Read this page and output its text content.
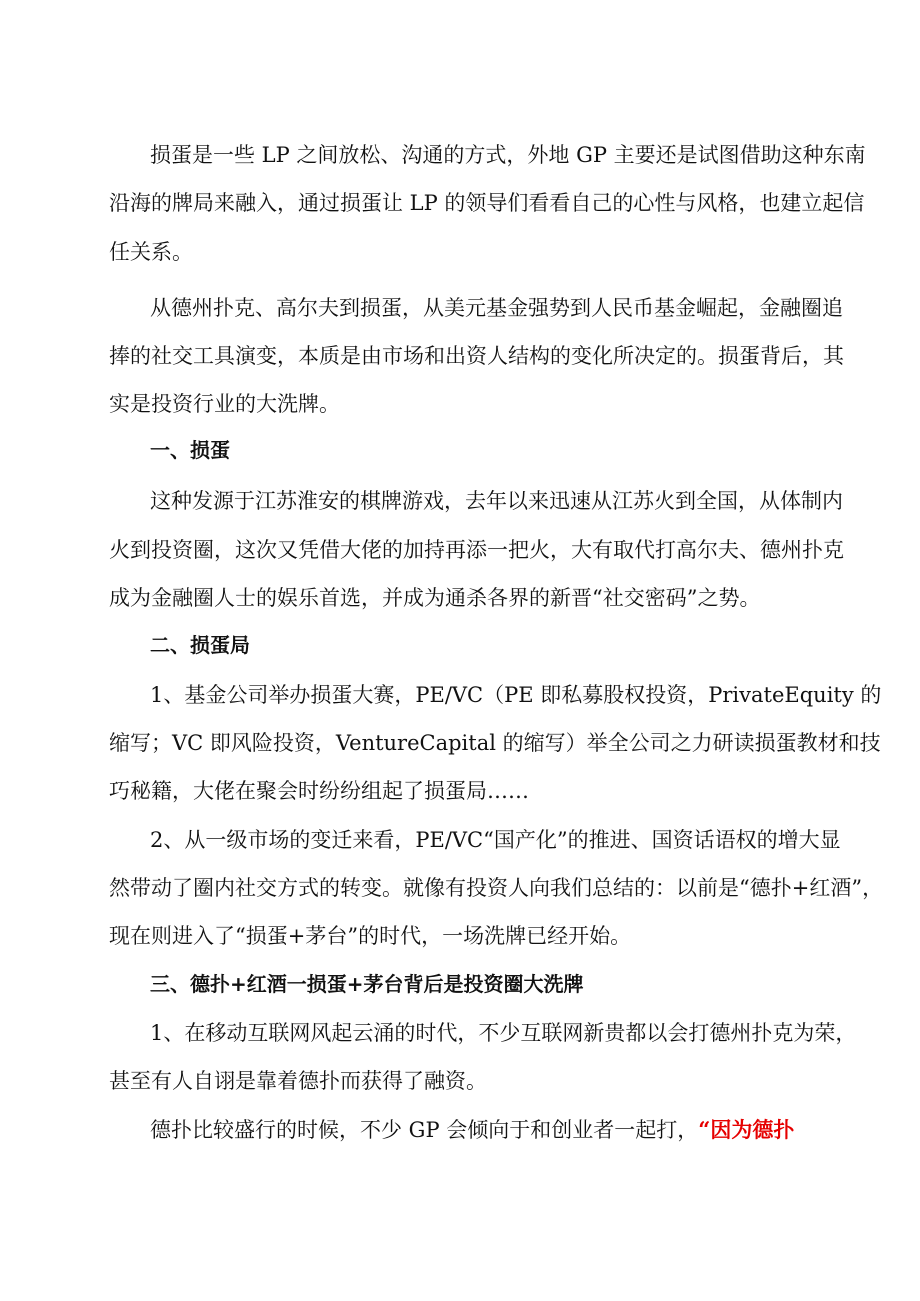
损蛋是一些 LP 之间放松、沟通的方式，外地 GP 主要还是试图借助这种东南
沿海的牌局来融入，通过损蛋让 LP 的领导们看看自己的心性与风格，也建立起信
任关系。
从德州扑克、高尔夫到损蛋，从美元基金强势到人民币基金崛起，金融圈追
捧的社交工具演变，本质是由市场和出资人结构的变化所决定的。损蛋背后，其
实是投资行业的大洗牌。
一、损蛋
这种发源于江苏淮安的棋牌游戏，去年以来迅速从江苏火到全国，从体制内
火到投资圈，这次又凭借大佬的加持再添一把火，大有取代打高尔夫、德州扑克
成为金融圈人士的娱乐首选，并成为通杀各界的新晋“社交密码”之势。
二、损蛋局
1、基金公司举办损蛋大赛，PE/VC（PE 即私募股权投资，PrivateEquity 的
缩写；VC 即风险投资，VentureCapital 的缩写）举全公司之力研读损蛋教材和技
巧秘籍，大佬在聚会时纷纷组起了损蛋局……
2、从一级市场的变迁来看，PE/VC“国产化”的推进、国资话语权的增大显
然带动了圈内社交方式的转变。就像有投资人向我们总结的：以前是“德扑+红酒”，
现在则进入了“损蛋+茅台”的时代，一场洗牌已经开始。
三、德扑+红酒一损蛋+茅台背后是投资圈大洗牌
1、在移动互联网风起云涌的时代，不少互联网新贵都以会打德州扑克为荣，
甚至有人自诩是靠着德扑而获得了融资。
德扑比较盛行的时候，不少 GP 会倾向于和创业者一起打，“因为德扑
